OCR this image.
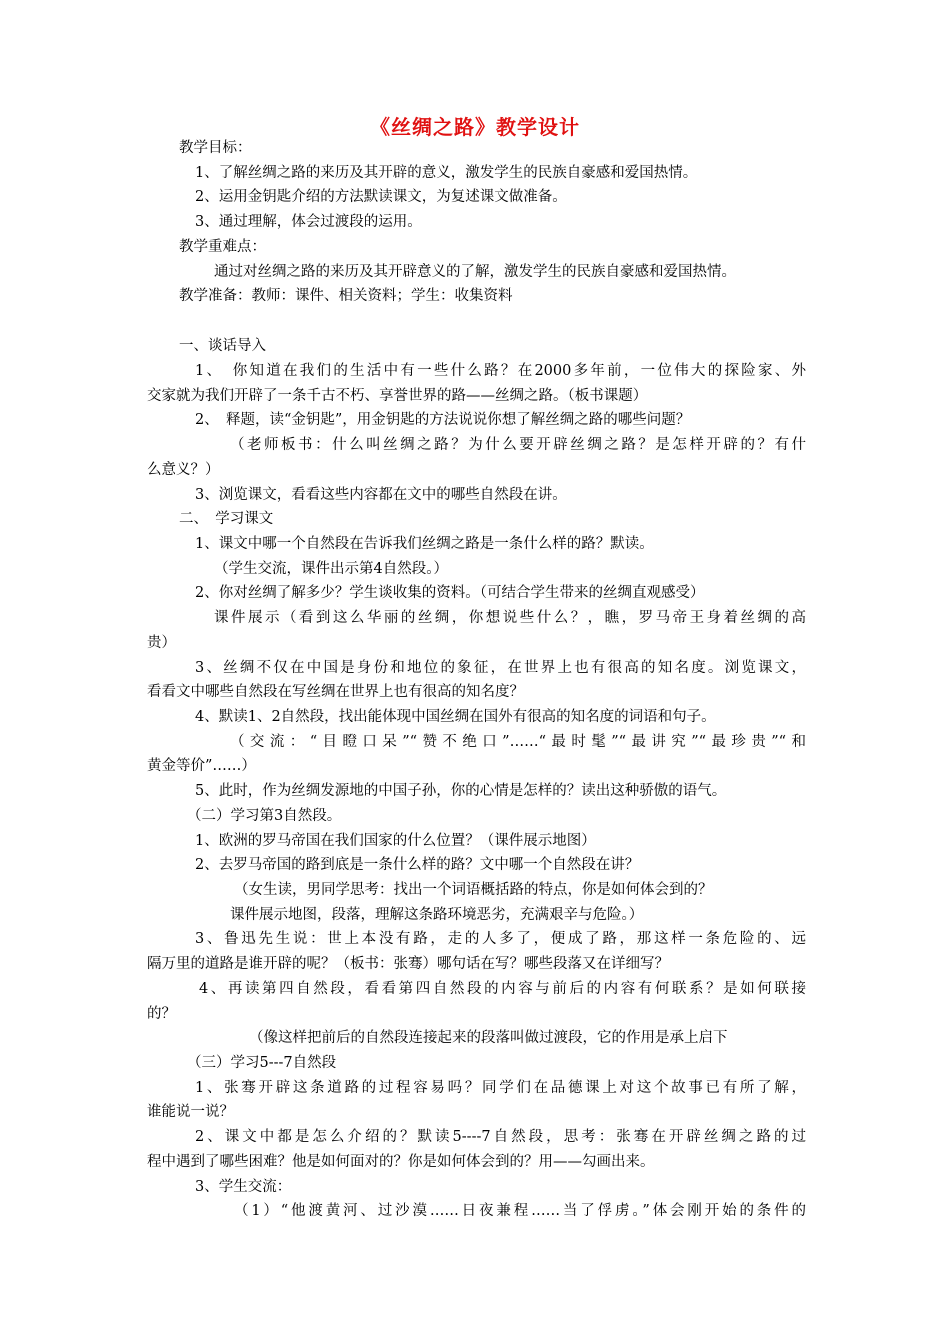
《丝绸之路》教学设计
教学目标：
1、了解丝绸之路的来历及其开辟的意义，激发学生的民族自豪感和爱国热情。
2、运用金钥匙介绍的方法默读课文，为复述课文做准备。
3、通过理解，体会过渡段的运用。
教学重难点：
通过对丝绸之路的来历及其开辟意义的了解，激发学生的民族自豪感和爱国热情。
教学准备：教师：课件、相关资料；学生：收集资料
一、谈话导入
1、　你知道在我们的生活中有一些什么路？在2000多年前，一位伟大的探险家、外
交家就为我们开辟了一条千古不朽、享誉世界的路——丝绸之路。（板书课题）
2、　释题，读“金钥匙”，用金钥匙的方法说说你想了解丝绸之路的哪些问题？
（老师板书：什么叫丝绸之路？为什么要开辟丝绸之路？是怎样开辟的？有什
么意义？）
3、浏览课文，看看这些内容都在文中的哪些自然段在讲。
二、　学习课文
1、课文中哪一个自然段在告诉我们丝绸之路是一条什么样的路？默读。
（学生交流，课件出示第4自然段。）
2、你对丝绸了解多少？学生谈收集的资料。（可结合学生带来的丝绸直观感受）
课件展示（看到这么华丽的丝绸，你想说些什么？，瞧，罗马帝王身着丝绸的高
贵）
3、丝绸不仅在中国是身份和地位的象征，在世界上也有很高的知名度。浏览课文，
看看文中哪些自然段在写丝绸在世界上也有很高的知名度？
4、默读1、2自然段，找出能体现中国丝绸在国外有很高的知名度的词语和句子。
（交流：“目瞪口呆”“赞不绝口”……“最时髦”“最讲究”“最珍贵”“和
黄金等价”……）
5、此时，作为丝绸发源地的中国子孙，你的心情是怎样的？读出这种骄傲的语气。
（二）学习第3自然段。
1、欧洲的罗马帝国在我们国家的什么位置？（课件展示地图）
2、去罗马帝国的路到底是一条什么样的路？文中哪一个自然段在讲？
（女生读，男同学思考：找出一个词语概括路的特点，你是如何体会到的？
课件展示地图，段落，理解这条路环境恶劣，充满艰辛与危险。）
3、鲁迅先生说：世上本没有路，走的人多了，便成了路，那这样一条危险的、远
隔万里的道路是谁开辟的呢？（板书：张骞）哪句话在写？哪些段落又在详细写？
4、再读第四自然段，看看第四自然段的内容与前后的内容有何联系？是如何联接
的？
（像这样把前后的自然段连接起来的段落叫做过渡段，它的作用是承上启下
（三）学习5---7自然段
1、张骞开辟这条道路的过程容易吗？同学们在品德课上对这个故事已有所了解，
谁能说一说？
2、课文中都是怎么介绍的？默读5----7自然段，思考：张骞在开辟丝绸之路的过
程中遇到了哪些困难？他是如何面对的？你是如何体会到的？用——勾画出来。
3、学生交流：
（1）“他渡黄河、过沙漠……日夜兼程……当了俘虏。”体会刚开始的条件的
